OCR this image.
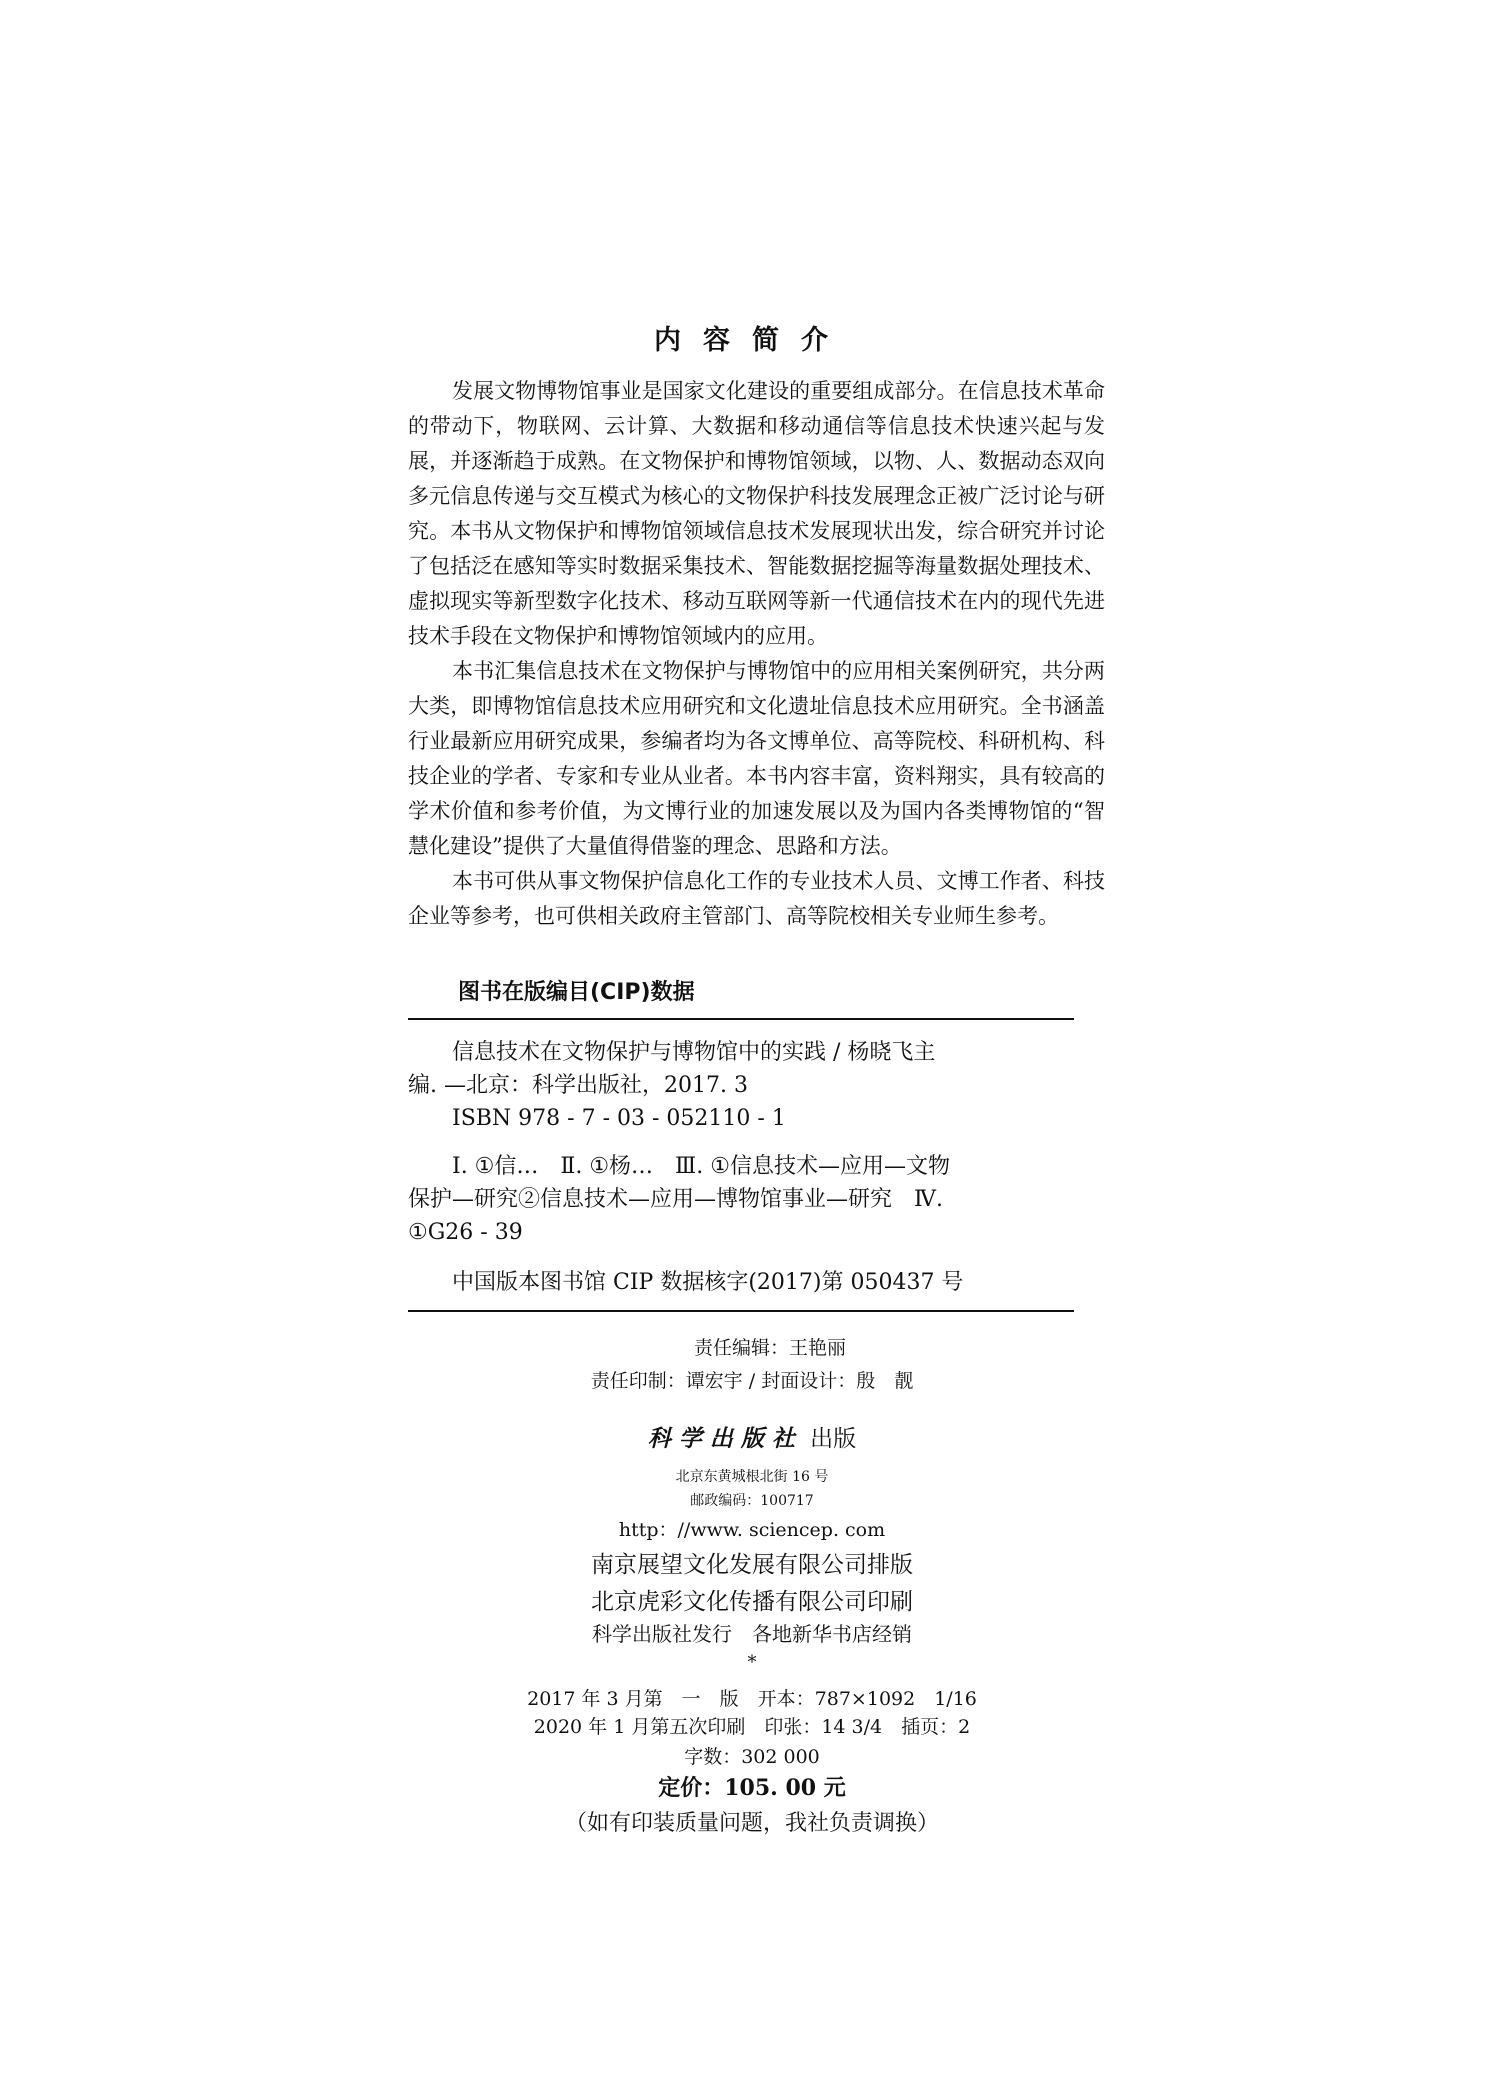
内容简介

发展文物博物馆事业是国家文化建设的重要组成部分。在信息技术革命的带动下，物联网、云计算、大数据和移动通信等信息技术快速兴起与发展，并逐渐趋于成熟。在文物保护和博物馆领域，以物、人、数据动态双向多元信息传递与交互模式为核心的文物保护科技发展理念正被广泛讨论与研究。本书从文物保护和博物馆领域信息技术发展现状出发，综合研究并讨论了包括泛在感知等实时数据采集技术、智能数据挖掘等海量数据处理技术、虚拟现实等新型数字化技术、移动互联网等新一代通信技术在内的现代先进技术手段在文物保护和博物馆领域内的应用。

本书汇集信息技术在文物保护与博物馆中的应用相关案例研究，共分两大类，即博物馆信息技术应用研究和文化遗址信息技术应用研究。全书涵盖行业最新应用研究成果，参编者均为各文博单位、高等院校、科研机构、科技企业的学者、专家和专业从业者。本书内容丰富，资料翔实，具有较高的学术价值和参考价值，为文博行业的加速发展以及为国内各类博物馆的“智慧化建设”提供了大量值得借鉴的理念、思路和方法。

本书可供从事文物保护信息化工作的专业技术人员、文博工作者、科技企业等参考，也可供相关政府主管部门、高等院校相关专业师生参考。

图书在版编目(CIP)数据
信息技术在文物保护与博物馆中的实践 / 杨晓飞主
编. —北京：科学出版社，2017. 3
ISBN 978 - 7 - 03 - 052110 - 1
Ⅰ. ①信…　Ⅱ. ①杨…　Ⅲ. ①信息技术—应用—文物
保护—研究②信息技术—应用—博物馆事业—研究　Ⅳ.
①G26 - 39
中国版本图书馆 CIP 数据核字(2017)第 050437 号
责任编辑：王艳丽
责任印制：谭宏宇 / 封面设计：殷　靓
科学出版社 出版
北京东黄城根北街 16 号
邮政编码：100717
http：//www. sciencep. com
南京展望文化发展有限公司排版
北京虎彩文化传播有限公司印刷
科学出版社发行　各地新华书店经销
*
2017 年 3 月第　一　版　开本：787×1092　1/16
2020 年 1 月第五次印刷　印张：14 3/4　插页：2
字数：302 000
定价：105. 00 元
（如有印装质量问题，我社负责调换）
